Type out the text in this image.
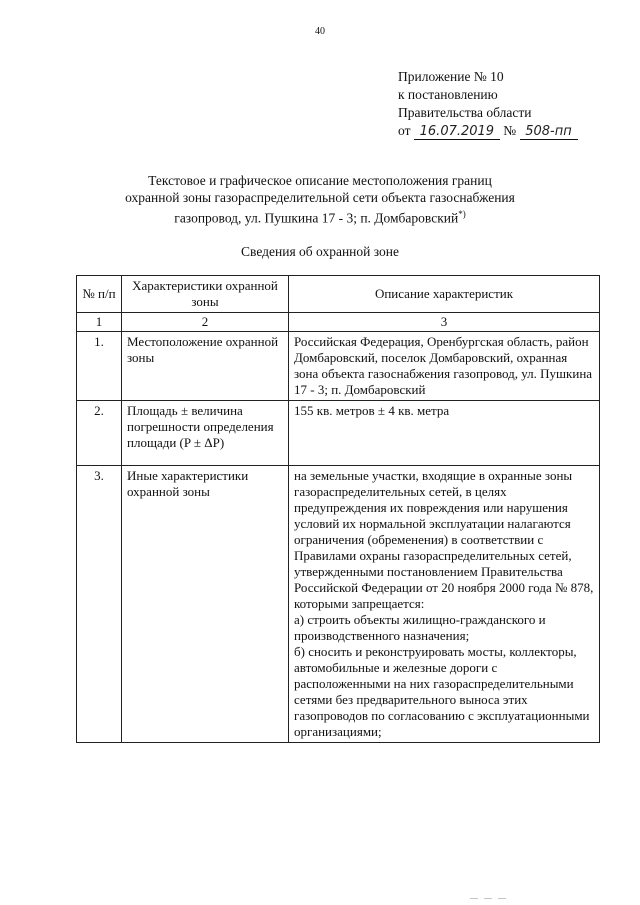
40
Приложение № 10
к постановлению
Правительства области
от 16.07.2019 № 508-пп
Текстовое и графическое описание местоположения границ
охранной зоны газораспределительной сети объекта газоснабжения
газопровод, ул. Пушкина 17 - 3; п. Домбаровский*)
Сведения об охранной зоне
№ п/п	Характеристики охранной зоны	Описание характеристик
1	2	3
1.	Местоположение охранной зоны	Российская Федерация, Оренбургская область, район Домбаровский, поселок Домбаровский, охранная зона объекта газоснабжения газопровод, ул. Пушкина 17 - 3; п. Домбаровский
2.	Площадь ± величина погрешности определения площади (P ± ΔP)	155 кв. метров ± 4 кв. метра
3.	Иные характеристики охранной зоны	на земельные участки, входящие в охранные зоны газораспределительных сетей, в целях предупреждения их повреждения или нарушения условий их нормальной эксплуатации налагаются ограничения (обременения) в соответствии с Правилами охраны газораспределительных сетей, утвержденными постановлением Правительства Российской Федерации от 20 ноября 2000 года № 878, которыми запрещается:
а) строить объекты жилищно-гражданского и производственного назначения;
б) сносить и реконструировать мосты, коллекторы, автомобильные и железные дороги с расположенными на них газораспределительными сетями без предварительного выноса этих газопроводов по согласованию с эксплуатационными организациями;
— — —
